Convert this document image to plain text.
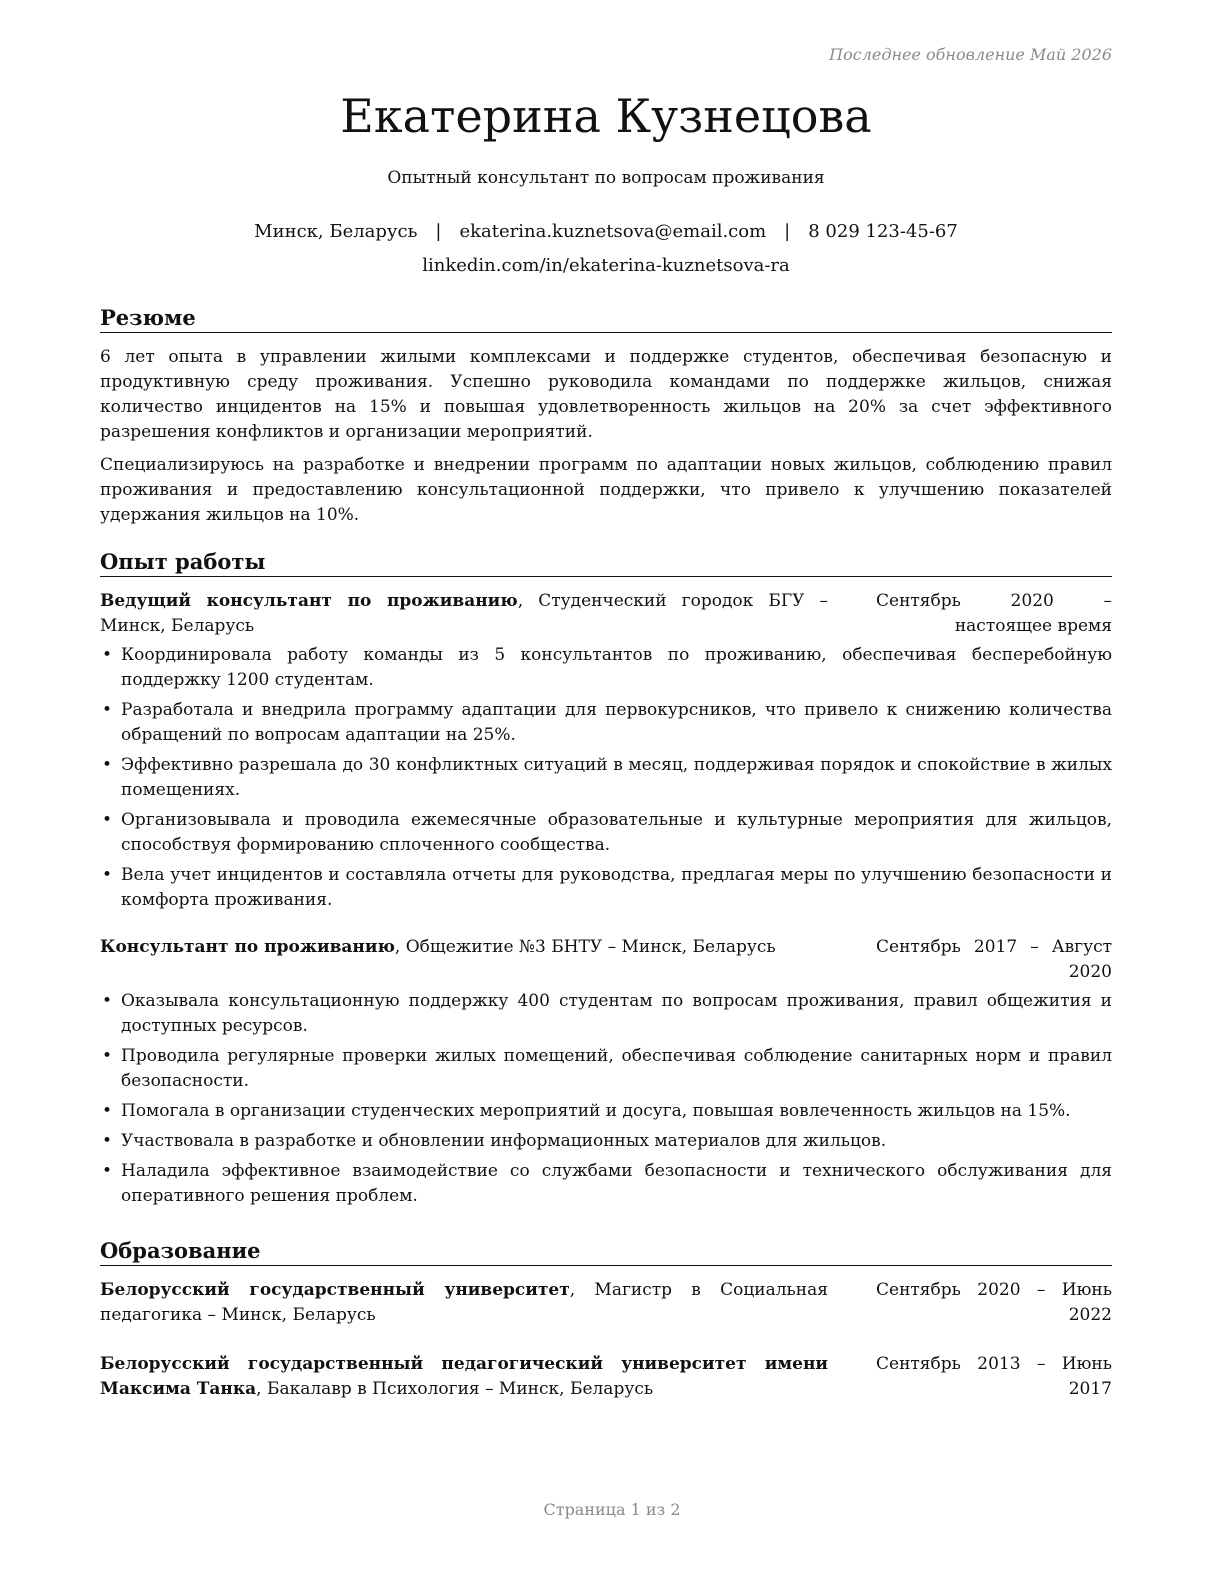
Последнее обновление Май 2026
Екатерина Кузнецова
Опытный консультант по вопросам проживания
Минск, Беларусь | ekaterina.kuznetsova@email.com | 8 029 123-45-67
linkedin.com/in/ekaterina-kuznetsova-ra
Резюме

6 лет опыта в управлении жилыми комплексами и поддержке студентов, обеспечивая безопасную и продуктивную среду проживания. Успешно руководила командами по поддержке жильцов, снижая количество инцидентов на 15% и повышая удовлетворенность жильцов на 20% за счет эффективного разрешения конфликтов и организации мероприятий.

Специализируюсь на разработке и внедрении программ по адаптации новых жильцов, соблюдению правил проживания и предоставлению консультационной поддержки, что привело к улучшению показателей удержания жильцов на 10%.

Опыт работы
Ведущий консультант по проживанию, Студенческий городок БГУ – Минск, Беларусь
Сентябрь 2020 – настоящее время
• Координировала работу команды из 5 консультантов по проживанию, обеспечивая бесперебойную поддержку 1200 студентам.
• Разработала и внедрила программу адаптации для первокурсников, что привело к снижению количества обращений по вопросам адаптации на 25%.
• Эффективно разрешала до 30 конфликтных ситуаций в месяц, поддерживая порядок и спокойствие в жилых помещениях.
• Организовывала и проводила ежемесячные образовательные и культурные мероприятия для жильцов, способствуя формированию сплоченного сообщества.
• Вела учет инцидентов и составляла отчеты для руководства, предлагая меры по улучшению безопасности и комфорта проживания.
Консультант по проживанию, Общежитие №3 БНТУ – Минск, Беларусь	Сентябрь 2017 – Август 2020
• Оказывала консультационную поддержку 400 студентам по вопросам проживания, правил общежития и доступных ресурсов.
• Проводила регулярные проверки жилых помещений, обеспечивая соблюдение санитарных норм и правил безопасности.
• Помогала в организации студенческих мероприятий и досуга, повышая вовлеченность жильцов на 15%.
• Участвовала в разработке и обновлении информационных материалов для жильцов.
• Наладила эффективное взаимодействие со службами безопасности и технического обслуживания для оперативного решения проблем.
Образование
Белорусский государственный университет, Магистр в Социальная педагогика – Минск, Беларусь
Сентябрь 2020 – Июнь 2022
Белорусский государственный педагогический университет имени Максима Танка, Бакалавр в Психология – Минск, Беларусь
Сентябрь 2013 – Июнь 2017
Страница 1 из 2
